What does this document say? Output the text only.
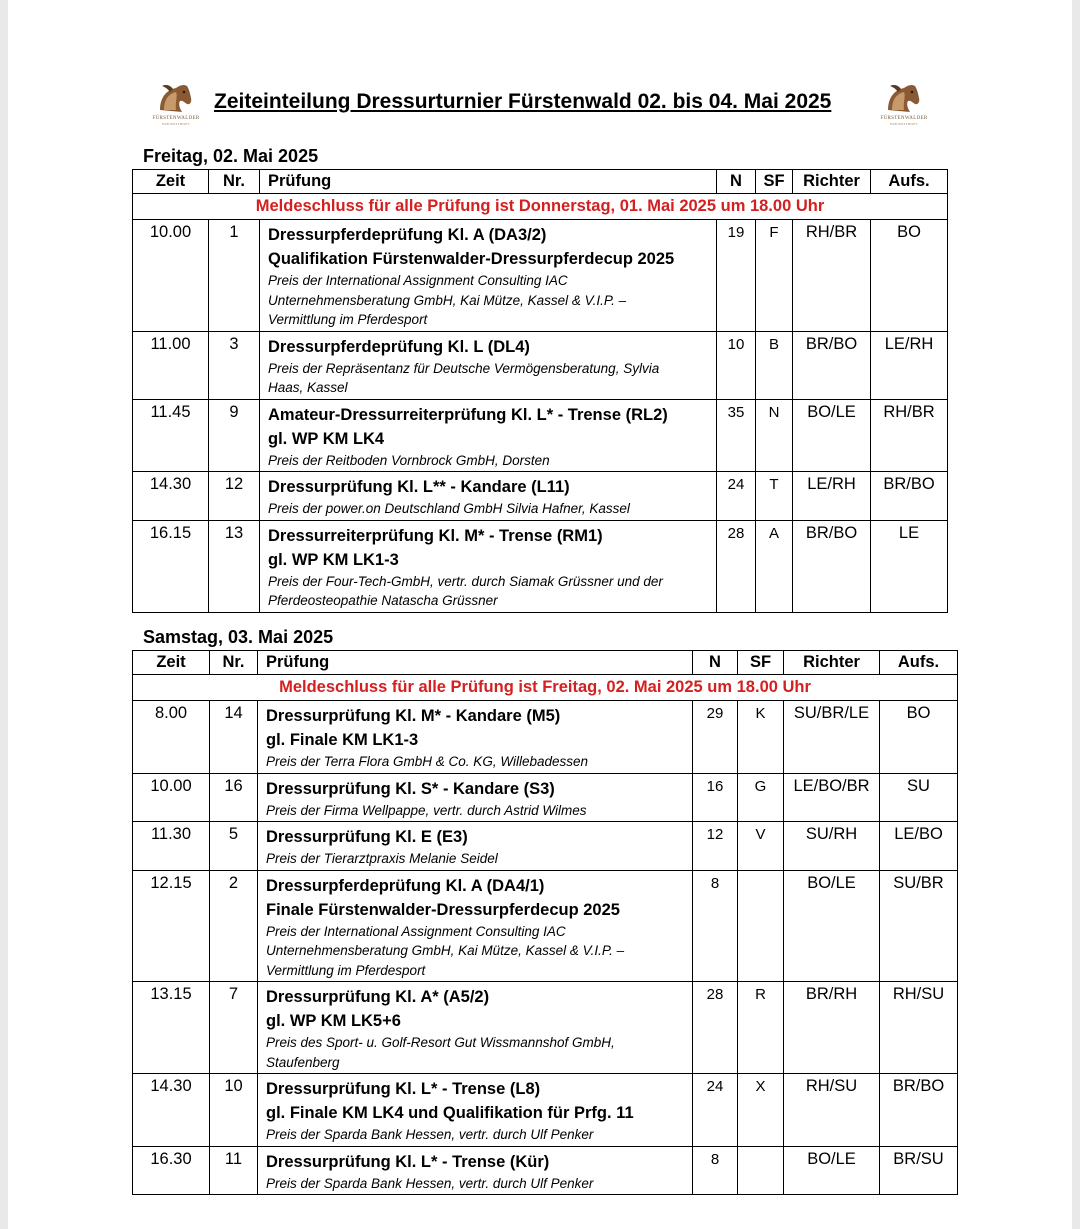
FÜRSTENWALDER
FREIZEITHOFS
Zeiteinteilung Dressurturnier Fürstenwald 02. bis 04. Mai 2025
FÜRSTENWALDER
FREIZEITHOFS
Freitag, 02. Mai 2025
Zeit	Nr.	Prüfung	N	SF	Richter	Aufs.
Meldeschluss für alle Prüfung ist Donnerstag, 01. Mai 2025 um 18.00 Uhr						
10.00	1	Dressurpferdeprüfung Kl. A (DA3/2)
Qualifikation Fürstenwalder-Dressurpferdecup 2025
Preis der International Assignment Consulting IAC
Unternehmensberatung GmbH, Kai Mütze, Kassel & V.I.P. –
Vermittlung im Pferdesport	19	F	RH/BR	BO
11.00	3	Dressurpferdeprüfung Kl. L (DL4)
Preis der Repräsentanz für Deutsche Vermögensberatung, Sylvia
Haas, Kassel	10	B	BR/BO	LE/RH
11.45	9	Amateur-Dressurreiterprüfung Kl. L* - Trense (RL2)
gl. WP KM LK4
Preis der Reitboden Vornbrock GmbH, Dorsten	35	N	BO/LE	RH/BR
14.30	12	Dressurprüfung Kl. L** - Kandare (L11)
Preis der power.on Deutschland GmbH Silvia Hafner, Kassel	24	T	LE/RH	BR/BO
16.15	13	Dressurreiterprüfung Kl. M* - Trense (RM1)
gl. WP KM LK1-3
Preis der Four-Tech-GmbH, vertr. durch Siamak Grüssner und der
Pferdeosteopathie Natascha Grüssner	28	A	BR/BO	LE
Samstag, 03. Mai 2025
Zeit	Nr.	Prüfung	N	SF	Richter	Aufs.
Meldeschluss für alle Prüfung ist Freitag, 02. Mai 2025 um 18.00 Uhr						
8.00	14	Dressurprüfung Kl. M* - Kandare (M5)
gl. Finale KM LK1-3
Preis der Terra Flora GmbH & Co. KG, Willebadessen	29	K	SU/BR/LE	BO
10.00	16	Dressurprüfung Kl. S* - Kandare (S3)
Preis der Firma Wellpappe, vertr. durch Astrid Wilmes	16	G	LE/BO/BR	SU
11.30	5	Dressurprüfung Kl. E (E3)
Preis der Tierarztpraxis Melanie Seidel	12	V	SU/RH	LE/BO
12.15	2	Dressurpferdeprüfung Kl. A (DA4/1)
Finale Fürstenwalder-Dressurpferdecup 2025
Preis der International Assignment Consulting IAC
Unternehmensberatung GmbH, Kai Mütze, Kassel & V.I.P. –
Vermittlung im Pferdesport	8		BO/LE	SU/BR
13.15	7	Dressurprüfung Kl. A* (A5/2)
gl. WP KM LK5+6
Preis des Sport- u. Golf-Resort Gut Wissmannshof GmbH,
Staufenberg	28	R	BR/RH	RH/SU
14.30	10	Dressurprüfung Kl. L* - Trense (L8)
gl. Finale KM LK4 und Qualifikation für Prfg. 11
Preis der Sparda Bank Hessen, vertr. durch Ulf Penker	24	X	RH/SU	BR/BO
16.30	11	Dressurprüfung Kl. L* - Trense (Kür)
Preis der Sparda Bank Hessen, vertr. durch Ulf Penker	8		BO/LE	BR/SU
